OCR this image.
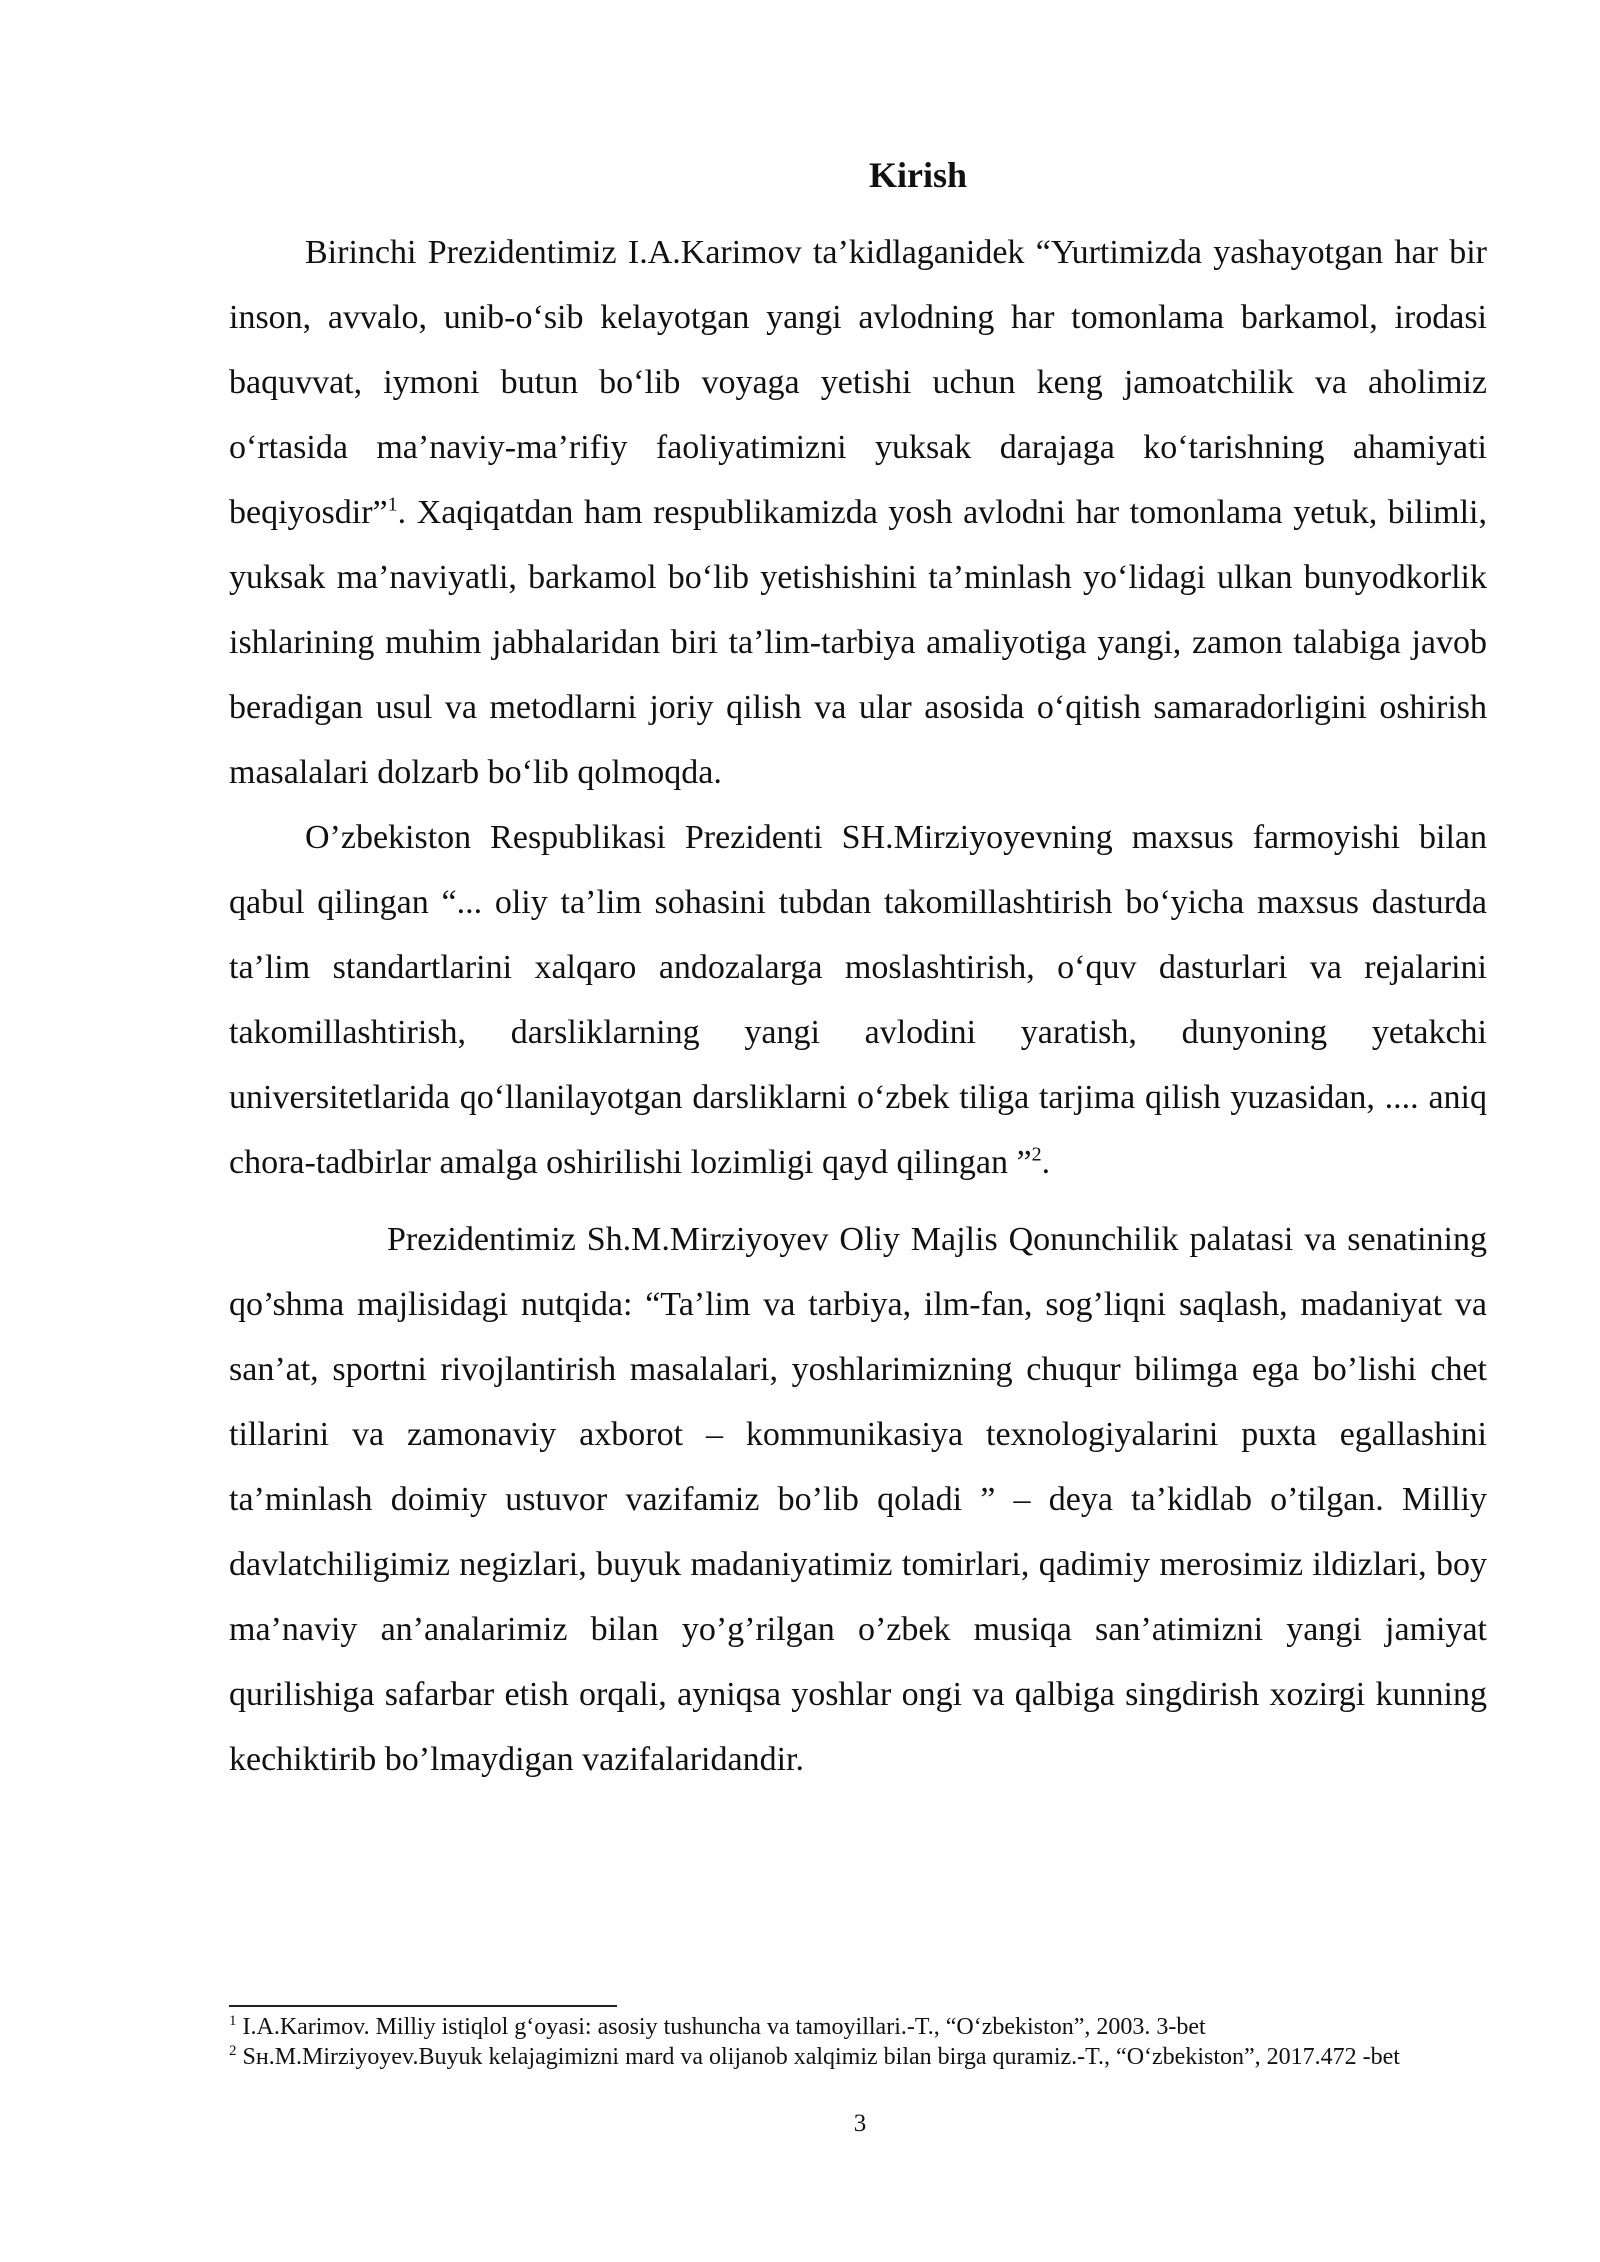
Kirish

Birinchi Prezidentimiz I.A.Karimov ta’kidlaganidek “Yurtimizda yashayotgan har bir inson, avvalo, unib-o‘sib kelayotgan yangi avlodning har tomonlama barkamol, irodasi baquvvat, iymoni butun bo‘lib voyaga yetishi uchun keng jamoatchilik va aholimiz o‘rtasida ma’naviy-ma’rifiy faoliyatimizni yuksak darajaga ko‘tarishning ahamiyati beqiyosdir”$^1$. Xaqiqatdan ham respublikamizda yosh avlodni har tomonlama yetuk, bilimli, yuksak ma’naviyatli, barkamol bo‘lib yetishishini ta’minlash yo‘lidagi ulkan bunyodkorlik ishlarining muhim jabhalaridan biri ta’lim-tarbiya amaliyotiga yangi, zamon talabiga javob beradigan usul va metodlarni joriy qilish va ular asosida o‘qitish samaradorligini oshirish masalalari dolzarb bo‘lib qolmoqda.

O’zbekiston Respublikasi Prezidenti SH.Mirziyoyevning maxsus farmoyishi bilan qabul qilingan “... oliy ta’lim sohasini tubdan takomillashtirish bo‘yicha maxsus dasturda ta’lim standartlarini xalqaro andozalarga moslashtirish, o‘quv dasturlari va rejalarini takomillashtirish, darsliklarning yangi avlodini yaratish, dunyoning yetakchi universitetlarida qo‘llanilayotgan darsliklarni o‘zbek tiliga tarjima qilish yuzasidan, .... aniq chora-tadbirlar amalga oshirilishi lozimligi qayd qilingan ”$^2$.

Prezidentimiz Sh.M.Mirziyoyev Oliy Majlis Qonunchilik palatasi va senatining qo’shma majlisidagi nutqida: “Ta’lim va tarbiya, ilm-fan, sog’liqni saqlash, madaniyat va san’at, sportni rivojlantirish masalalari, yoshlarimizning chuqur bilimga ega bo’lishi chet tillarini va zamonaviy axborot – kommunikasiya texnologiyalarini puxta egallashini ta’minlash doimiy ustuvor vazifamiz bo’lib qoladi ” – deya ta’kidlab o’tilgan. Milliy davlatchiligimiz negizlari, buyuk madaniyatimiz tomirlari, qadimiy merosimiz ildizlari, boy ma’naviy an’analarimiz bilan yo’g’rilgan o’zbek musiqa san’atimizni yangi jamiyat qurilishiga safarbar etish orqali, ayniqsa yoshlar ongi va qalbiga singdirish xozirgi kunning kechiktirib bo’lmaydigan vazifalaridandir.

$^1$ I.A.Karimov. Milliy istiqlol g‘oyasi: asosiy tushuncha va tamoyillari.-T., “O‘zbekiston”, 2003. 3-bet

$^2$ Sʜ.M.Mirziyoyev.Buyuk kelajagimizni mard va olijanob xalqimiz bilan birga quramiz.-T., “O‘zbekiston”, 2017.472 -bet

3
